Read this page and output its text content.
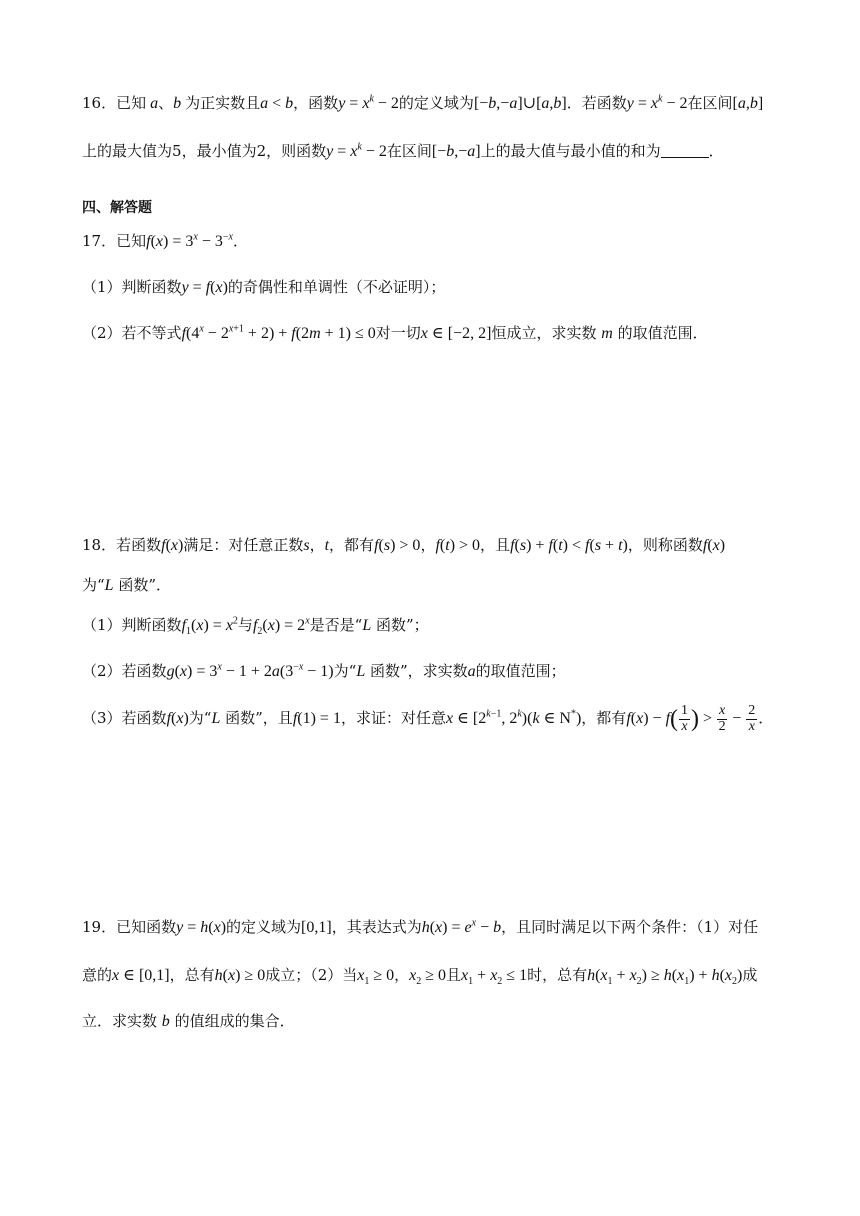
16．已知 a、b 为正实数且a < b，函数$y = x^k - 2$的定义域为[−b,−a]∪[a,b]．若函数$y = x^k - 2$在区间[a,b]
上的最大值为5，最小值为2，则函数$y = x^k - 2$在区间[−b,−a]上的最大值与最小值的和为	．
四、解答题
17．已知$f(x) = 3^x - 3^{-x}$．
（1）判断函数y = f(x)的奇偶性和单调性（不必证明）；
（2）若不等式$f(4^x - 2^{x+1} + 2) + f(2m + 1) \le 0$对一切x ∈ [−2, 2]恒成立，求实数 m 的取值范围．
18．若函数f(x)满足：对任意正数s，t，都有f(s) > 0，f(t) > 0，且f(s) + f(t) < f(s + t)，则称函数f(x)
为“L 函数”．
（1）判断函数$f_1(x) = x^2$与$f_2(x) = 2^x$是否是“L 函数”；
（2）若函数$g(x) = 3^x - 1 + 2a(3^{-x} - 1)$为“L 函数”，求实数a的取值范围；
（3）若函数f(x)为“L 函数”，且f(1) = 1，求证：对任意x ∈ [$2^{k-1}$, 2$^k$)(k ∈ N*)，都有$f(x) - f( \frac{1}{x}$ ) > $\frac{x}{2} - \frac{2}{x}$ ．
19．已知函数y = h(x)的定义域为[0,1]，其表达式为$h(x) = e^x - b$，且同时满足以下两个条件：（1）对任
意的x ∈ [0,1]，总有h(x) ≥ 0成立；（2）当$x_1 \ge 0$，$x_2 \ge 0$且$x_1 + x_2 \le 1$时，总有$h(x_1 + x_2) \ge h(x_1) + h(x_2)$成
立．求实数 b 的值组成的集合．
